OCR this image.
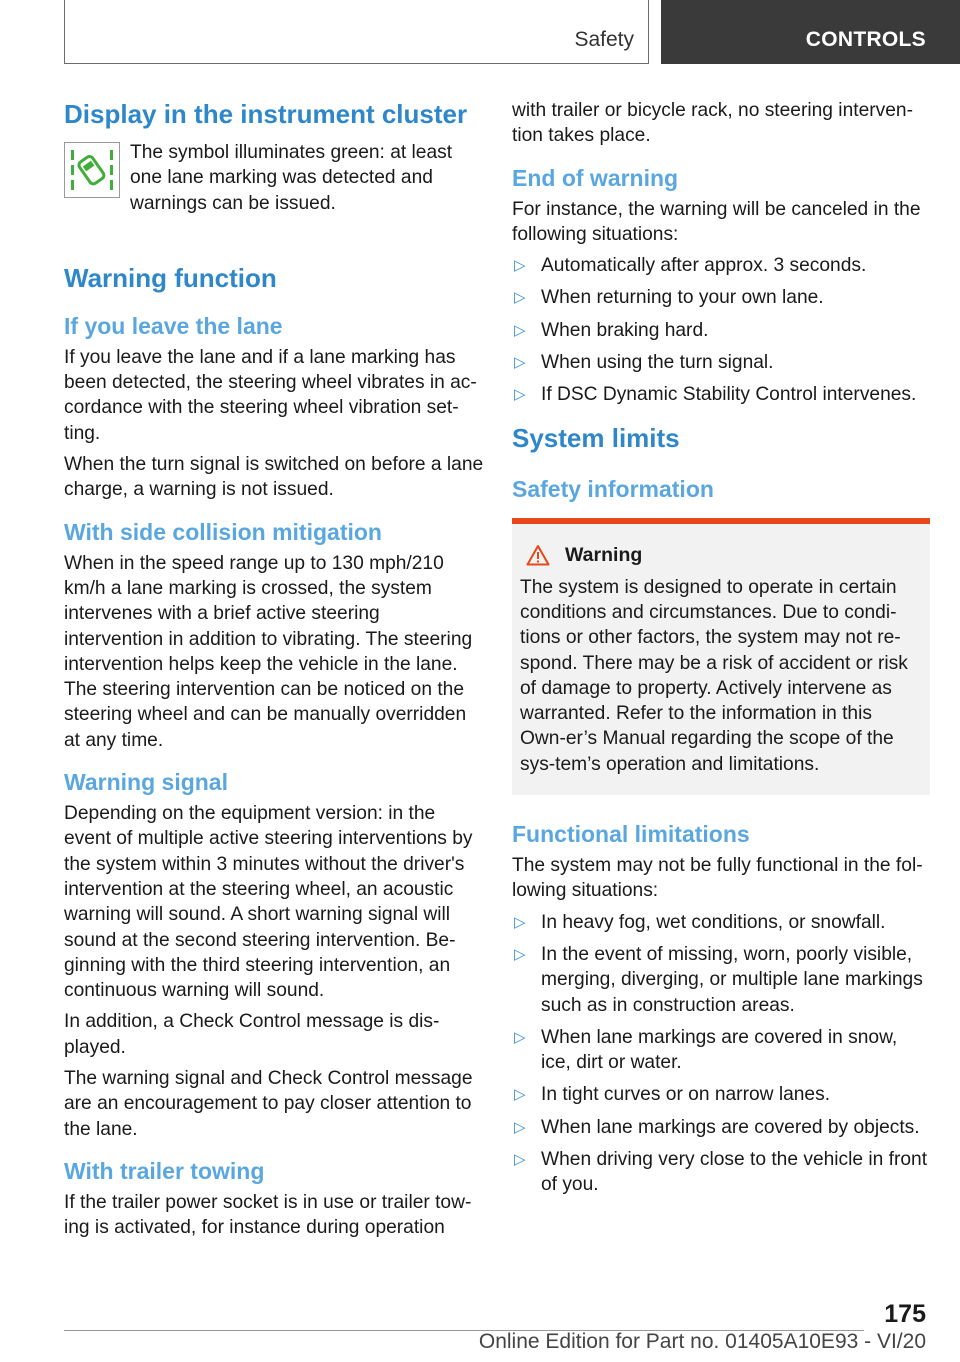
Safety	CONTROLS
Display in the instrument cluster

The symbol illuminates green: at least one lane marking was detected and warnings can be issued.

Warning function
If you leave the lane

If you leave the lane and if a lane marking has been detected, the steering wheel vibrates in ac-cordance with the steering wheel vibration set-ting.

When the turn signal is switched on before a lane charge, a warning is not issued.

With side collision mitigation

When in the speed range up to 130 mph/210 km/h a lane marking is crossed, the system intervenes with a brief active steering intervention in addition to vibrating. The steering intervention helps keep the vehicle in the lane. The steering intervention can be noticed on the steering wheel and can be manually overridden at any time.

Warning signal

Depending on the equipment version: in the event of multiple active steering interventions by the system within 3 minutes without the driver's intervention at the steering wheel, an acoustic warning will sound. A short warning signal will sound at the second steering intervention. Be-ginning with the third steering intervention, an continuous warning will sound.

In addition, a Check Control message is dis-played.

The warning signal and Check Control message are an encouragement to pay closer attention to the lane.

With trailer towing

If the trailer power socket is in use or trailer tow-ing is activated, for instance during operation

with trailer or bicycle rack, no steering interven-tion takes place.

End of warning

For instance, the warning will be canceled in the following situations:

▷ Automatically after approx. 3 seconds.
▷ When returning to your own lane.
▷ When braking hard.
▷ When using the turn signal.
▷ If DSC Dynamic Stability Control intervenes.
System limits
Safety information
Warning

The system is designed to operate in certain conditions and circumstances. Due to condi-tions or other factors, the system may not re-spond. There may be a risk of accident or risk of damage to property. Actively intervene as warranted. Refer to the information in this Own-er’s Manual regarding the scope of the sys-tem’s operation and limitations.

Functional limitations

The system may not be fully functional in the fol-lowing situations:

▷ In heavy fog, wet conditions, or snowfall.
▷ In the event of missing, worn, poorly visible, merging, diverging, or multiple lane markings such as in construction areas.
▷ When lane markings are covered in snow, ice, dirt or water.
▷ In tight curves or on narrow lanes.
▷ When lane markings are covered by objects.
▷ When driving very close to the vehicle in front of you.
175
Online Edition for Part no. 01405A10E93 - VI/20
